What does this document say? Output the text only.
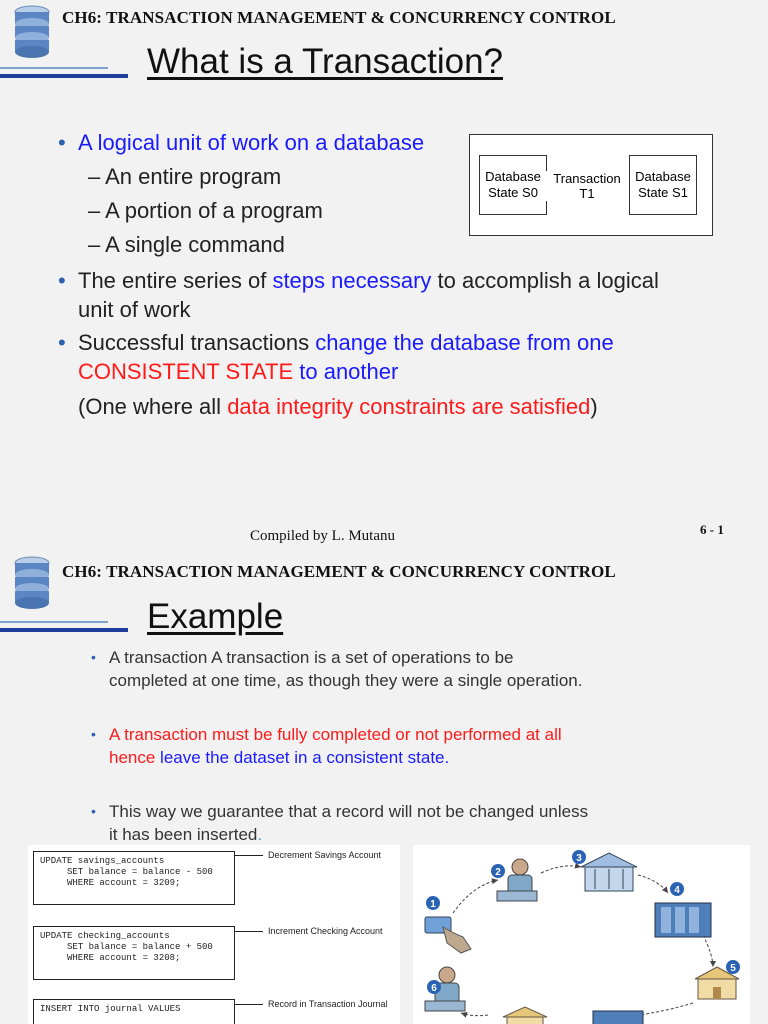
CH6: TRANSACTION MANAGEMENT & CONCURRENCY CONTROL
What is a Transaction?
• A logical unit of work on a database
– An entire program
– A portion of a program
– A single command
• The entire series of steps necessary to accomplish a logical
unit of work
• Successful transactions change the database from one
CONSISTENT STATE to another
(One where all data integrity constraints are satisfied)
Database State S0
Database State S1
Transaction
T1
Compiled by L. Mutanu	6 - 1
CH6: TRANSACTION MANAGEMENT & CONCURRENCY CONTROL
Example
• A transaction A transaction is a set of operations to be
completed at one time, as though they were a single operation.
• A transaction must be fully completed or not performed at all
hence leave the dataset in a consistent state.
• This way we guarantee that a record will not be changed unless
it has been inserted.
UPDATE savings_accounts
SET balance = balance - 500
WHERE account = 3209;
Decrement Savings Account
UPDATE checking_accounts
SET balance = balance + 500
WHERE account = 3208;
Increment Checking Account
INSERT INTO journal VALUES	Record in Transaction Journal
1
2
3
4
5
6
